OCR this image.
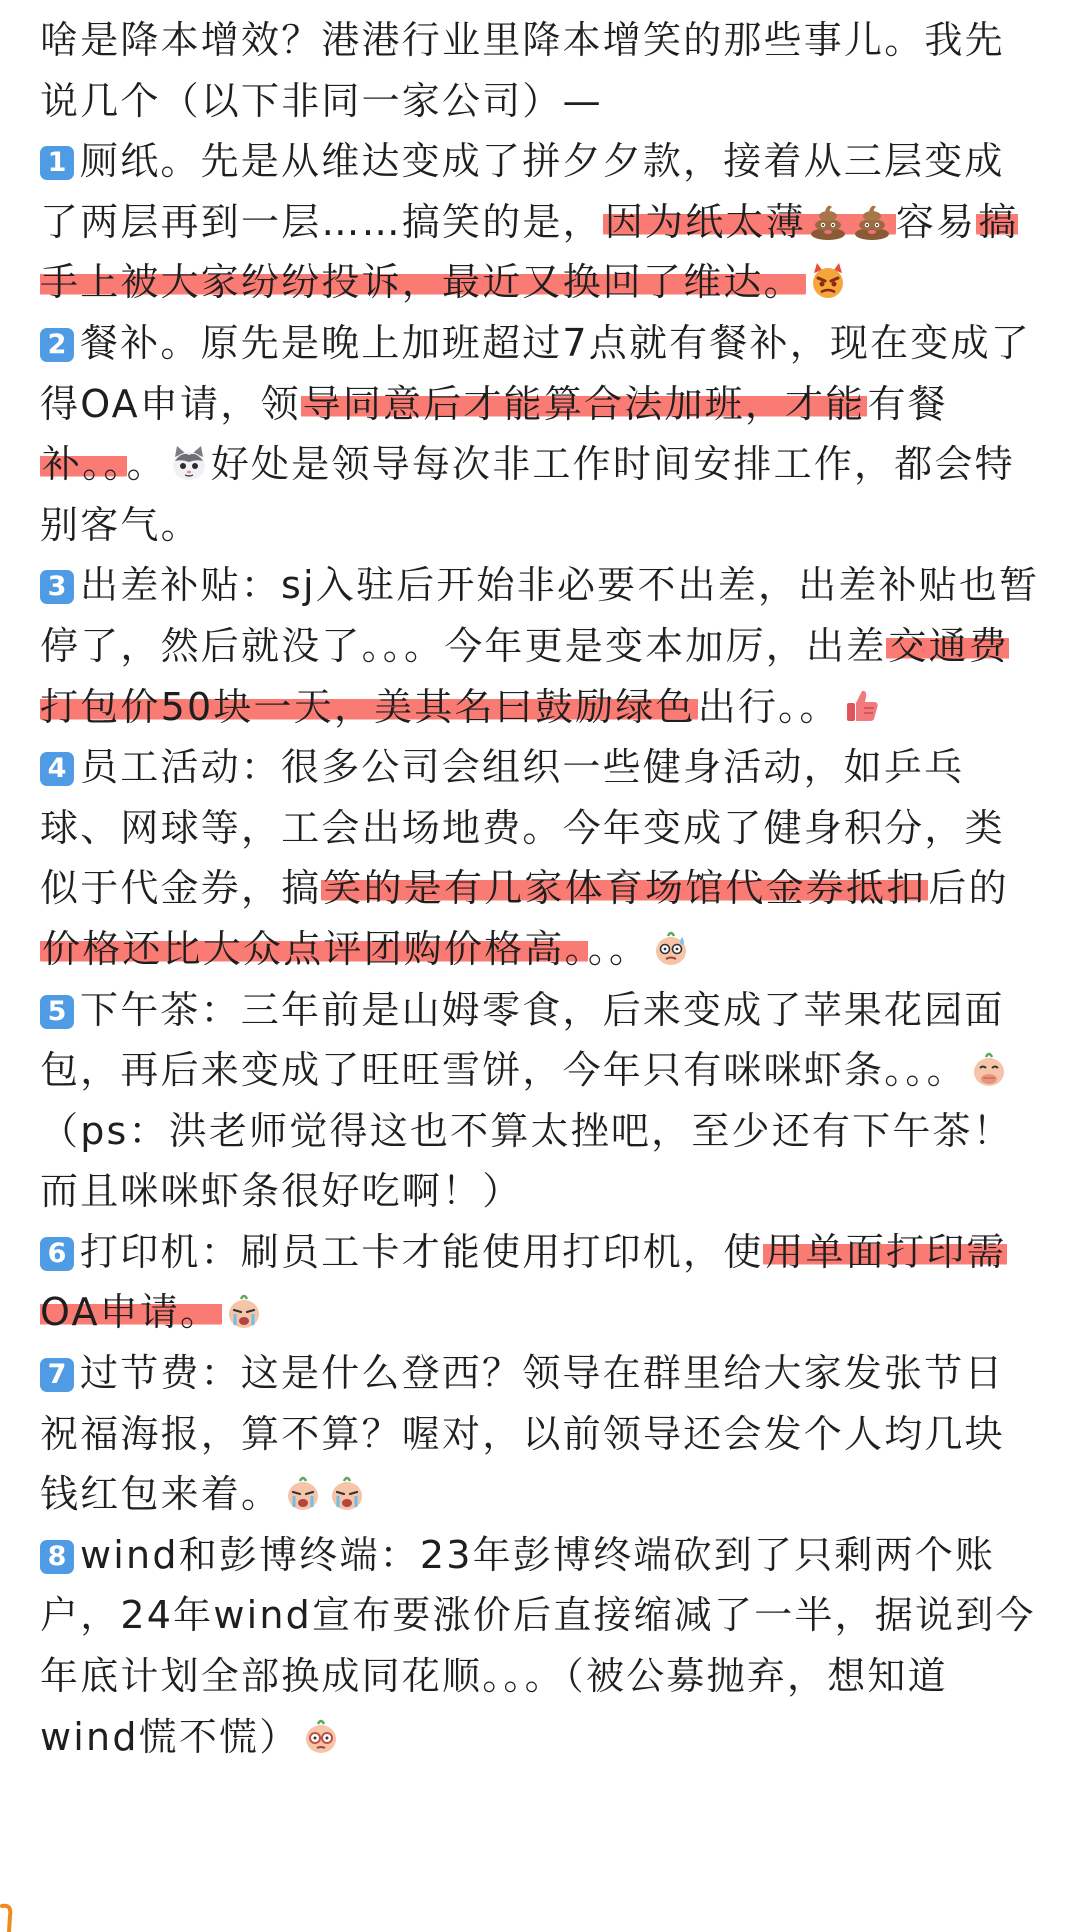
啥是降本增效？港港行业里降本增笑的那些事儿。我先说几个（以下非同一家公司）—

1 厕纸。先是从维达变成了拼夕夕款，接着从三层变成了两层再到一层……搞笑的是，因为纸太薄 容易搞手上被大家纷纷投诉，最近又换回了维达。

2 餐补。原先是晚上加班超过7点就有餐补，现在变成了得OA申请，领导同意后才能算合法加班，才能有餐补。。。 好处是领导每次非工作时间安排工作，都会特别客气。

3 出差补贴：sj入驻后开始非必要不出差，出差补贴也暂停了，然后就没了。。。今年更是变本加厉，出差交通费打包价50块一天，美其名曰鼓励绿色出行。。

4 员工活动：很多公司会组织一些健身活动，如乒乓球、网球等，工会出场地费。今年变成了健身积分，类似于代金券，搞笑的是有几家体育场馆代金券抵扣后的价格还比大众点评团购价格高。。。

5 下午茶：三年前是山姆零食，后来变成了苹果花园面包，再后来变成了旺旺雪饼，今年只有咪咪虾条。。。（ps：洪老师觉得这也不算太挫吧，至少还有下午茶！而且咪咪虾条很好吃啊！）

6 打印机：刷员工卡才能使用打印机，使用单面打印需OA申请。

7 过节费：这是什么登西？领导在群里给大家发张节日祝福海报，算不算？喔对，以前领导还会发个人均几块钱红包来着。

8 wind和彭博终端：23年彭博终端砍到了只剩两个账户，24年wind宣布要涨价后直接缩减了一半，据说到今年底计划全部换成同花顺。。。（被公募抛弃，想知道wind慌不慌）
